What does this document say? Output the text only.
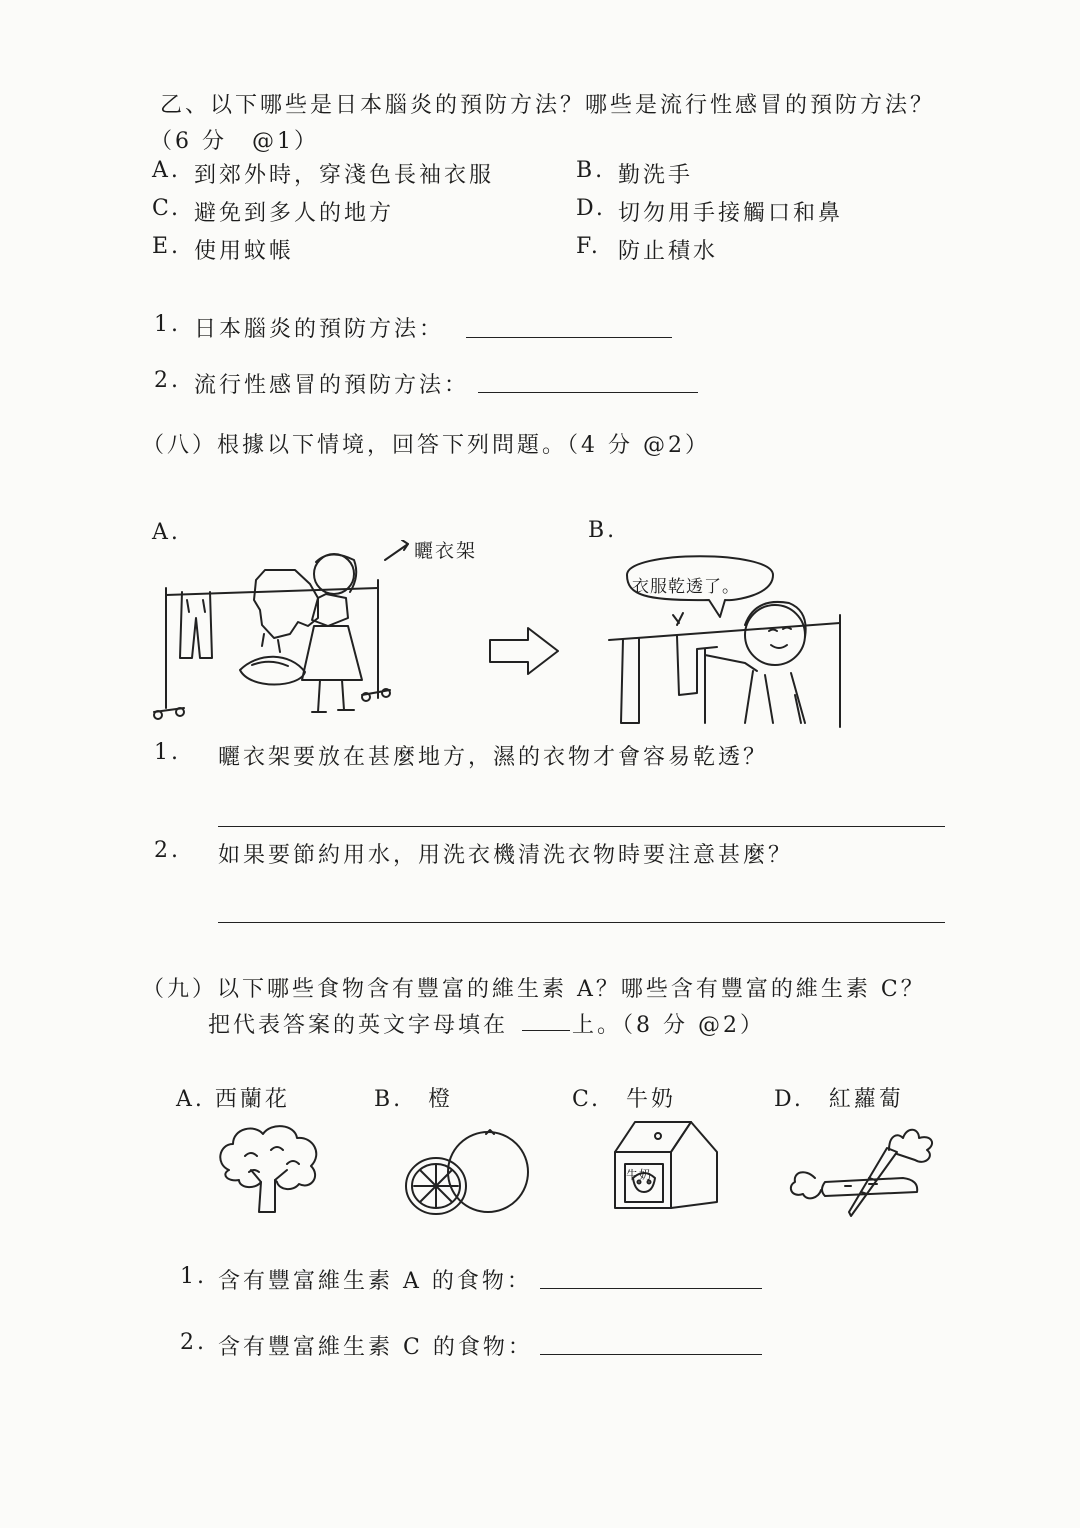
乙、以下哪些是日本腦炎的預防方法？哪些是流行性感冒的預防方法？
（6 分　@1）
A. 到郊外時，穿淺色長袖衣服	B. 勤洗手
C. 避免到多人的地方	D. 切勿用手接觸口和鼻
E. 使用蚊帳	F. 防止積水
1. 日本腦炎的預防方法：
2. 流行性感冒的預防方法：
（八）根據以下情境，回答下列問題。（4 分 @2）
A.
曬衣架
B.
衣服乾透了。
1. 曬衣架要放在甚麼地方，濕的衣物才會容易乾透？
2. 如果要節約用水，用洗衣機清洗衣物時要注意甚麼？
（九）以下哪些食物含有豐富的維生素 A？哪些含有豐富的維生素 C？
把代表答案的英文字母填在	上。（8 分 @2）
A. 西蘭花	B.　橙	C.　牛奶	D.　紅蘿蔔
牛奶
1. 含有豐富維生素 A 的食物：
2. 含有豐富維生素 C 的食物：
